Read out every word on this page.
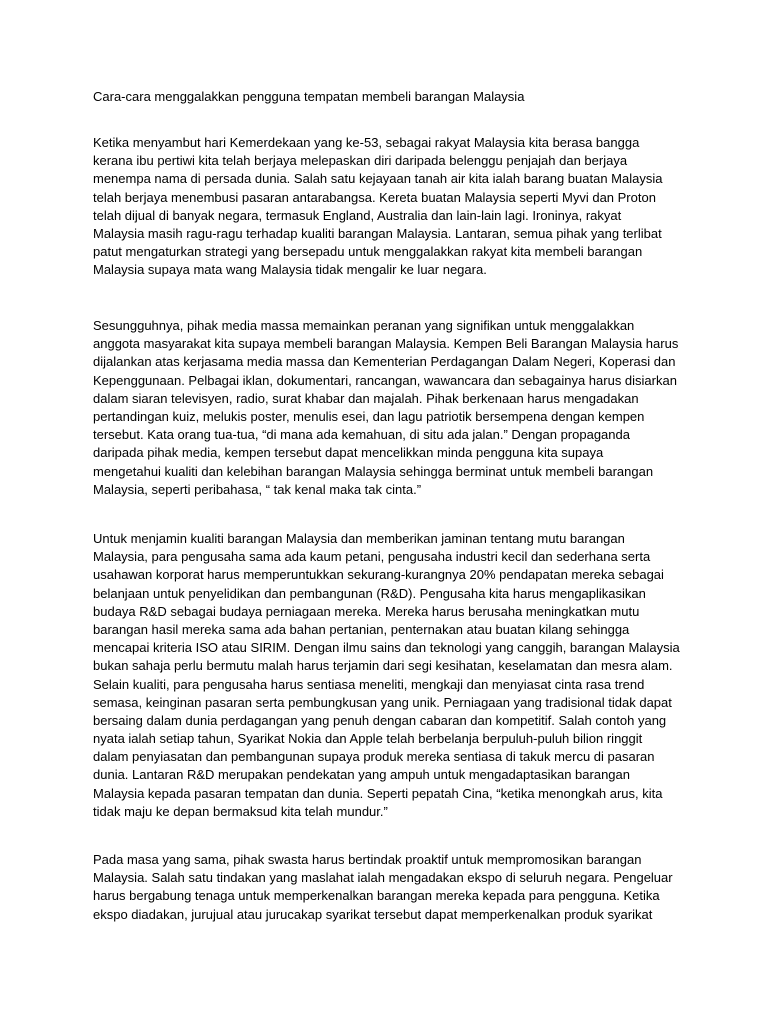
Cara-cara menggalakkan pengguna tempatan membeli barangan Malaysia
Ketika menyambut hari Kemerdekaan yang ke-53, sebagai rakyat Malaysia kita berasa bangga
kerana ibu pertiwi kita telah berjaya melepaskan diri daripada belenggu penjajah dan berjaya
menempa nama di persada dunia. Salah satu kejayaan tanah air kita ialah barang buatan Malaysia
telah berjaya menembusi pasaran antarabangsa. Kereta buatan Malaysia seperti Myvi dan Proton
telah dijual di banyak negara, termasuk England, Australia dan lain-lain lagi. Ironinya, rakyat
Malaysia masih ragu-ragu terhadap kualiti barangan Malaysia. Lantaran, semua pihak yang terlibat
patut mengaturkan strategi yang bersepadu untuk menggalakkan rakyat kita membeli barangan
Malaysia supaya mata wang Malaysia tidak mengalir ke luar negara.
Sesungguhnya, pihak media massa memainkan peranan yang signifikan untuk menggalakkan
anggota masyarakat kita supaya membeli barangan Malaysia. Kempen Beli Barangan Malaysia harus
dijalankan atas kerjasama media massa dan Kementerian Perdagangan Dalam Negeri, Koperasi dan
Kepenggunaan. Pelbagai iklan, dokumentari, rancangan, wawancara dan sebagainya harus disiarkan
dalam siaran televisyen, radio, surat khabar dan majalah. Pihak berkenaan harus mengadakan
pertandingan kuiz, melukis poster, menulis esei, dan lagu patriotik bersempena dengan kempen
tersebut. Kata orang tua-tua, “di mana ada kemahuan, di situ ada jalan.” Dengan propaganda
daripada pihak media, kempen tersebut dapat mencelikkan minda pengguna kita supaya
mengetahui kualiti dan kelebihan barangan Malaysia sehingga berminat untuk membeli barangan
Malaysia, seperti peribahasa, “ tak kenal maka tak cinta.”
Untuk menjamin kualiti barangan Malaysia dan memberikan jaminan tentang mutu barangan
Malaysia, para pengusaha sama ada kaum petani, pengusaha industri kecil dan sederhana serta
usahawan korporat harus memperuntukkan sekurang-kurangnya 20% pendapatan mereka sebagai
belanjaan untuk penyelidikan dan pembangunan (R&D). Pengusaha kita harus mengaplikasikan
budaya R&D sebagai budaya perniagaan mereka. Mereka harus berusaha meningkatkan mutu
barangan hasil mereka sama ada bahan pertanian, penternakan atau buatan kilang sehingga
mencapai kriteria ISO atau SIRIM. Dengan ilmu sains dan teknologi yang canggih, barangan Malaysia
bukan sahaja perlu bermutu malah harus terjamin dari segi kesihatan, keselamatan dan mesra alam.
Selain kualiti, para pengusaha harus sentiasa meneliti, mengkaji dan menyiasat cinta rasa trend
semasa, keinginan pasaran serta pembungkusan yang unik. Perniagaan yang tradisional tidak dapat
bersaing dalam dunia perdagangan yang penuh dengan cabaran dan kompetitif. Salah contoh yang
nyata ialah setiap tahun, Syarikat Nokia dan Apple telah berbelanja berpuluh-puluh bilion ringgit
dalam penyiasatan dan pembangunan supaya produk mereka sentiasa di takuk mercu di pasaran
dunia. Lantaran R&D merupakan pendekatan yang ampuh untuk mengadaptasikan barangan
Malaysia kepada pasaran tempatan dan dunia. Seperti pepatah Cina, “ketika menongkah arus, kita
tidak maju ke depan bermaksud kita telah mundur.”
Pada masa yang sama, pihak swasta harus bertindak proaktif untuk mempromosikan barangan
Malaysia. Salah satu tindakan yang maslahat ialah mengadakan ekspo di seluruh negara. Pengeluar
harus bergabung tenaga untuk memperkenalkan barangan mereka kepada para pengguna. Ketika
ekspo diadakan, jurujual atau jurucakap syarikat tersebut dapat memperkenalkan produk syarikat
